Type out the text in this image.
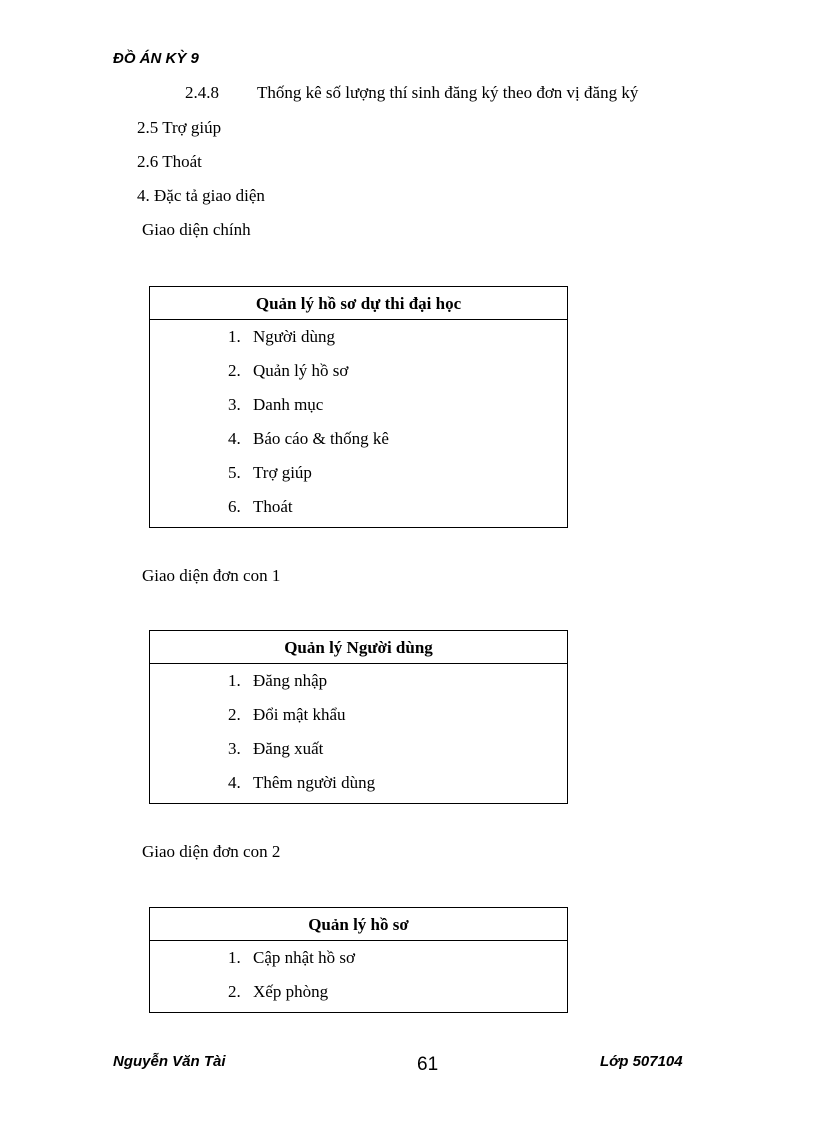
ĐỒ ÁN KỲ 9
2.4.8 Thống kê số lượng thí sinh đăng ký theo đơn vị đăng ký
2.5 Trợ giúp
2.6 Thoát
4. Đặc tả giao diện
Giao diện chính
Quản lý hồ sơ dự thi đại học
1. Người dùng
2. Quản lý hồ sơ
3. Danh mục
4. Báo cáo & thống kê
5. Trợ giúp
6. Thoát
Giao diện đơn con 1
Quản lý Người dùng
1. Đăng nhập
2. Đổi mật khẩu
3. Đăng xuất
4. Thêm người dùng
Giao diện đơn con 2
Quản lý hồ sơ
1. Cập nhật hồ sơ
2. Xếp phòng
Nguyễn Văn Tài	61	Lớp 507104
